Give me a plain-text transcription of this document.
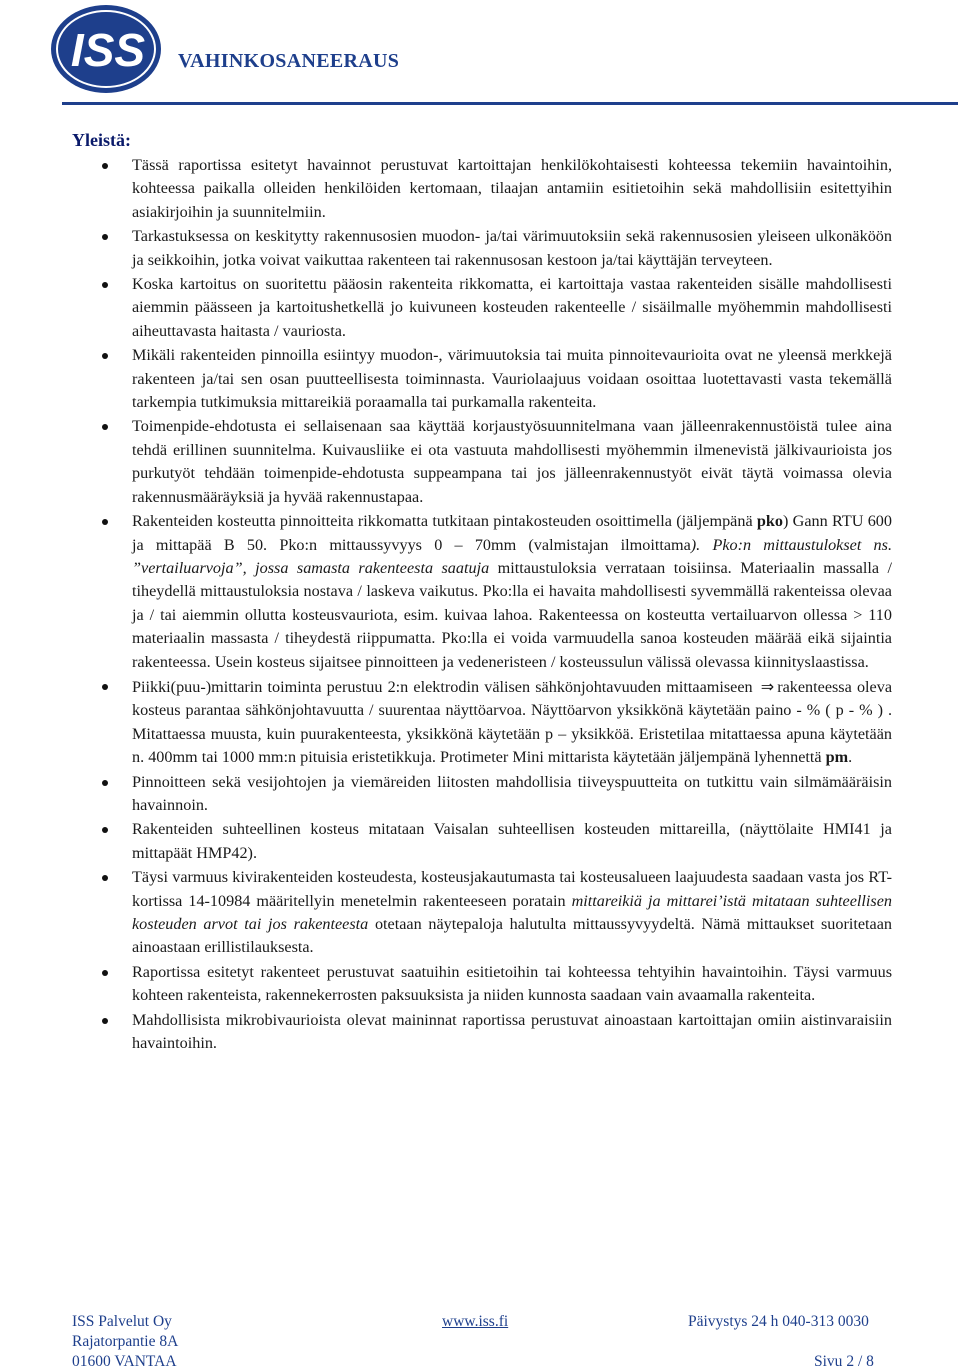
ISS VAHINKOSANEERAUS
Yleistä:
Tässä raportissa esitetyt havainnot perustuvat kartoittajan henkilökohtaisesti kohteessa tekemiin havaintoihin, kohteessa paikalla olleiden henkilöiden kertomaan, tilaajan antamiin esitietoihin sekä mahdollisiin esitettyihin asiakirjoihin ja suunnitelmiin.
Tarkastuksessa on keskitytty rakennusosien muodon- ja/tai värimuutoksiin sekä rakennusosien yleiseen ulkonäköön ja seikkoihin, jotka voivat vaikuttaa rakenteen tai rakennusosan kestoon ja/tai käyttäjän terveyteen.
Koska kartoitus on suoritettu pääosin rakenteita rikkomatta, ei kartoittaja vastaa rakenteiden sisälle mahdollisesti aiemmin päässeen ja kartoitushetkellä jo kuivuneen kosteuden rakenteelle / sisäilmalle myöhemmin mahdollisesti aiheuttavasta haitasta / vauriosta.
Mikäli rakenteiden pinnoilla esiintyy muodon-, värimuutoksia tai muita pinnoitevaurioita ovat ne yleensä merkkejä rakenteen ja/tai sen osan puutteellisesta toiminnasta. Vauriolaajuus voidaan osoittaa luotettavasti vasta tekemällä tarkempia tutkimuksia mittareikiä poraamalla tai purkamalla rakenteita.
Toimenpide-ehdotusta ei sellaisenaan saa käyttää korjaustyösuunnitelmana vaan jälleenrakennustöistä tulee aina tehdä erillinen suunnitelma. Kuivausliike ei ota vastuuta mahdollisesti myöhemmin ilmenevistä jälkivaurioista jos purkutyöt tehdään toimenpide-ehdotusta suppeampana tai jos jälleenrakennustyöt eivät täytä voimassa olevia rakennusmääräyksiä ja hyvää rakennustapaa.
Rakenteiden kosteutta pinnoitteita rikkomatta tutkitaan pintakosteuden osoittimella (jäljempänä pko) Gann RTU 600 ja mittapää B 50. Pko:n mittaussyvyys 0 – 70mm (valmistajan ilmoittama). Pko:n mittaustulokset ns. ”vertailuarvoja”, jossa samasta rakenteesta saatuja mittaustuloksia verrataan toisiinsa. Materiaalin massalla / tiheydellä mittaustuloksia nostava / laskeva vaikutus. Pko:lla ei havaita mahdollisesti syvemmällä rakenteissa olevaa ja / tai aiemmin ollutta kosteusvauriota, esim. kuivaa lahoa. Rakenteessa on kosteutta vertailuarvon ollessa > 110 materiaalin massasta / tiheydestä riippumatta. Pko:lla ei voida varmuudella sanoa kosteuden määrää eikä sijaintia rakenteessa. Usein kosteus sijaitsee pinnoitteen ja vedeneristeen / kosteussulun välissä olevassa kiinnityslaastissa.
Piikki(puu-)mittarin toiminta perustuu 2:n elektrodin välisen sähkönjohtavuuden mittaamiseen ⇒ rakenteessa oleva kosteus parantaa sähkönjohtavuutta / suurentaa näyttöarvoa. Näyttöarvon yksikkönä käytetään paino - % ( p - % ) . Mitattaessa muusta, kuin puurakenteesta, yksikkönä käytetään p – yksikköä. Eristetilaa mitattaessa apuna käytetään n. 400mm tai 1000 mm:n pituisia eristetikkuja. Protimeter Mini mittarista käytetään jäljempänä lyhennettä pm.
Pinnoitteen sekä vesijohtojen ja viemäreiden liitosten mahdollisia tiiveyspuutteita on tutkittu vain silmämääräisin havainnoin.
Rakenteiden suhteellinen kosteus mitataan Vaisalan suhteellisen kosteuden mittareilla, (näyttölaite HMI41 ja mittapäät HMP42).
Täysi varmuus kivirakenteiden kosteudesta, kosteusjakautumasta tai kosteusalueen laajuudesta saadaan vasta jos RT-kortissa 14-10984 määritellyin menetelmin rakenteeseen poratain mittareikiä ja mittarei’istä mitataan suhteellisen kosteuden arvot tai jos rakenteesta otetaan näytepaloja halutulta mittaussyvyydeltä. Nämä mittaukset suoritetaan ainoastaan erillistilauksesta.
Raportissa esitetyt rakenteet perustuvat saatuihin esitietoihin tai kohteessa tehtyihin havaintoihin. Täysi varmuus kohteen rakenteista, rakennekerrosten paksuuksista ja niiden kunnosta saadaan vain avaamalla rakenteita.
Mahdollisista mikrobivaurioista olevat maininnat raportissa perustuvat ainoastaan kartoittajan omiin aistinvaraisiin havaintoihin.
ISS Palvelut Oy
Rajatorpantie 8A
01600 VANTAA
www.iss.fi	Päivystys 24 h 040-313 0030
Sivu 2 / 8
